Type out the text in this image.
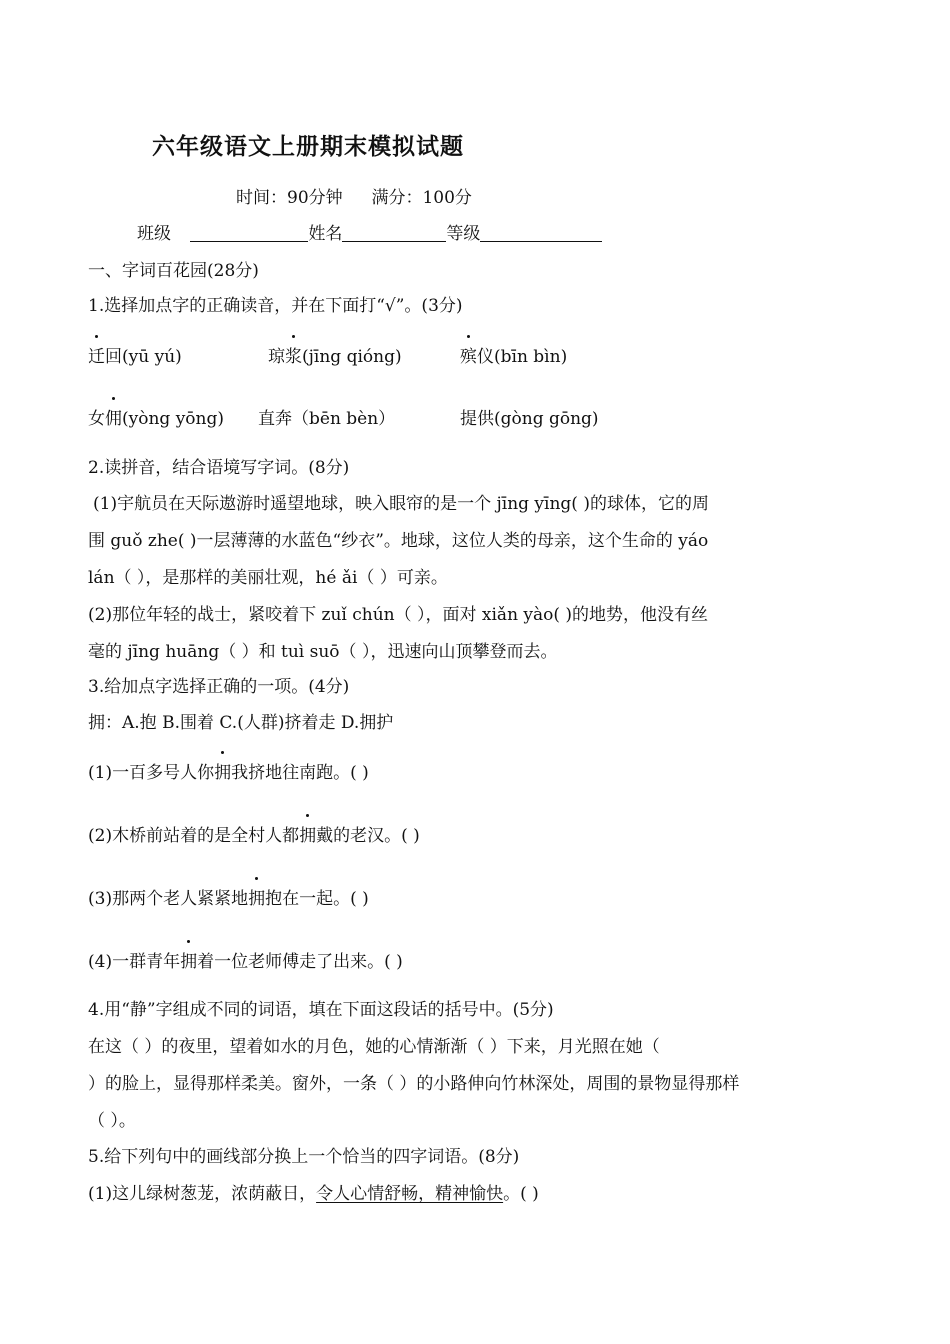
六年级语文上册期末模拟试题
时间：90分钟 满分：100分
班级	姓名	等级
一、字词百花园(28分)
1.选择加点字的正确读音，并在下面打“√”。(3分)
迁回(yū yú)	琼浆(jīng qióng)	殡仪(bīn bìn)
女佣(yòng yōng) 直奔（bēn bèn）	提供(gòng gōng)
2.读拼音，结合语境写字词。(8分)
(1)宇航员在天际遨游时遥望地球，映入眼帘的是一个 jīng yīng( )的球体，它的周
围 guǒ zhe( )一层薄薄的水蓝色“纱衣”。地球，这位人类的母亲，这个生命的 yáo
lán（ ），是那样的美丽壮观，hé ǎi（ ）可亲。
(2)那位年轻的战士，紧咬着下 zuǐ chún（ ），面对 xiǎn yào( )的地势，他没有丝
毫的 jīng huāng（ ）和 tuì suō（ ），迅速向山顶攀登而去。
3.给加点字选择正确的一项。(4分)
拥：A.抱 B.围着 C.(人群)挤着走 D.拥护
(1)一百多号人你拥我挤地往南跑。( )
(2)木桥前站着的是全村人都拥戴的老汉。( )
(3)那两个老人紧紧地拥抱在一起。( )
(4)一群青年拥着一位老师傅走了出来。( )
4.用“静”字组成不同的词语，填在下面这段话的括号中。(5分)
在这（ ）的夜里，望着如水的月色，她的心情渐渐（ ）下来，月光照在她（
）的脸上，显得那样柔美。窗外，一条（ ）的小路伸向竹林深处，周围的景物显得那样
（ ）。
5.给下列句中的画线部分换上一个恰当的四字词语。(8分)
(1)这儿绿树葱茏，浓荫蔽日，令人心情舒畅，精神愉快。( )
